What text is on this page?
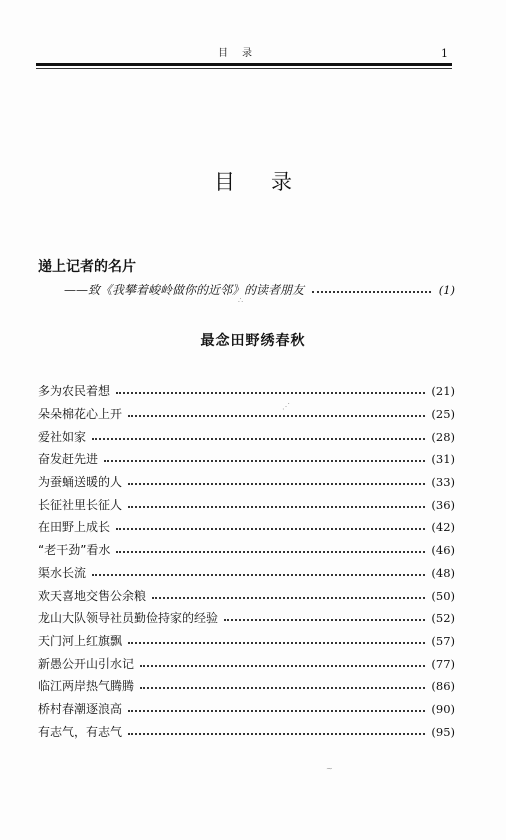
目录	1
目录
递上记者的名片
——致《我攀着峻岭做你的近邻》的读者朋友	(1)
最念田野绣春秋
多为农民着想	(21)
朵朵棉花心上开	(25)
爱社如家	(28)
奋发赶先进	(31)
为蚕蛹送暖的人	(33)
长征社里长征人	(36)
在田野上成长	(42)
“老干劲”看水	(46)
渠水长流	(48)
欢天喜地交售公余粮	(50)
龙山大队领导社员勤俭持家的经验	(52)
天门河上红旗飘	(57)
新愚公开山引水记	(77)
临江两岸热气腾腾	(86)
桥村春潮逐浪高	(90)
有志气，有志气	(95)
⋰
∴
~
